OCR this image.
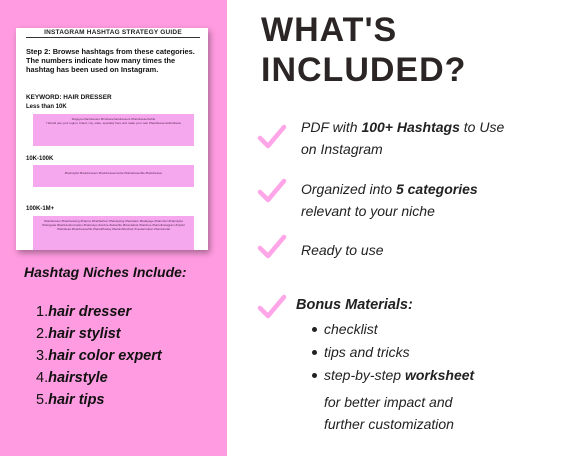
INSTAGRAM HASHTAG STRATEGY GUIDE
Step 2: Browse hashtags from these categories. The numbers indicate how many times the hashtag has been used on Instagram.
KEYWORD: HAIR DRESSER
Less than 10K
#tagsyourhairdresser #brisbanehairdressers #hairdresserforlife
I Would use your region, brand, city, state, specialty here and make your own #hairdressersinbrisbane
10K-100K
#hairstylist #hairdressers #hairdressersunite #hairdresserlife #hairdresser
100K-1M+
#hairdresser #hairdressing #haircut #hairfashion #hairstyling #hairsalon #balayage #haircolor #hairstyles #hairgoals #hairtransformation #hairinspo #ombre #salonlife #blondehair #hairlove #hairofinstagram #stylist #hairideas #hairdresserlife #hairoftheday #behindthechair #modernsalon #hairtutorial
Hashtag Niches Include:
1.hair dresser
2.hair stylist
3.hair color expert
4.hairstyle
5.hair tips
WHAT'S
INCLUDED?
PDF with 100+ Hashtags to Use
on Instagram
Organized into 5 categories
relevant to your niche
Ready to use
Bonus Materials:
checklist
tips and tricks
step-by-step worksheet
for better impact and
further customization
